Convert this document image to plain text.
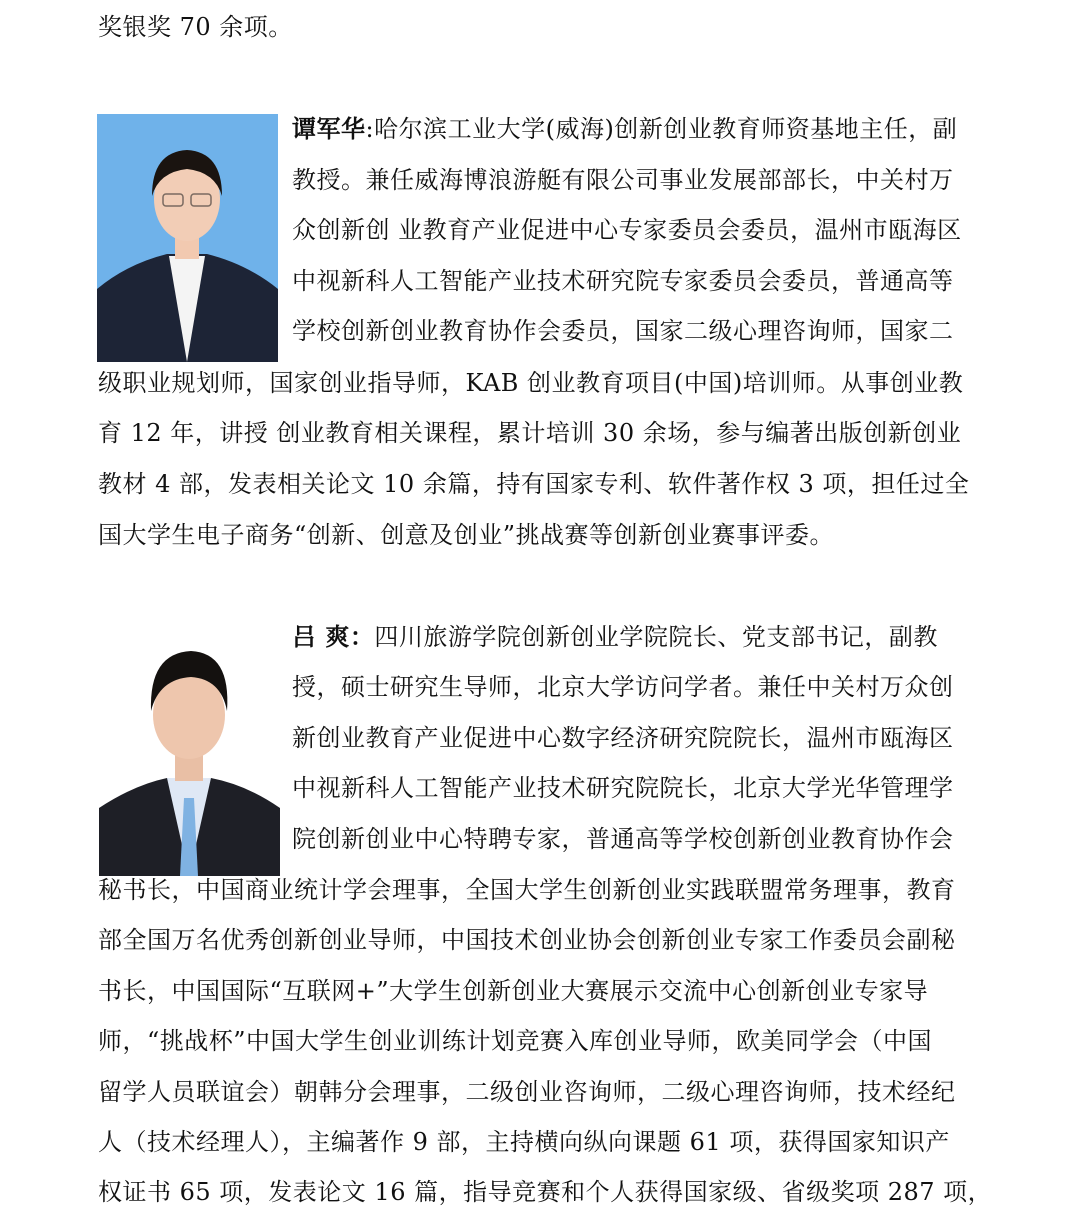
奖银奖 70 余项。
谭军华:哈尔滨工业大学(威海)创新创业教育师资基地主任，副
教授。兼任威海博浪游艇有限公司事业发展部部长，中关村万
众创新创 业教育产业促进中心专家委员会委员，温州市瓯海区
中视新科人工智能产业技术研究院专家委员会委员，普通高等
学校创新创业教育协作会委员，国家二级心理咨询师，国家二
级职业规划师，国家创业指导师，KAB 创业教育项目(中国)培训师。从事创业教
育 12 年，讲授 创业教育相关课程，累计培训 30 余场，参与编著出版创新创业
教材 4 部，发表相关论文 10 余篇，持有国家专利、软件著作权 3 项，担任过全
国大学生电子商务“创新、创意及创业”挑战赛等创新创业赛事评委。
吕 爽：四川旅游学院创新创业学院院长、党支部书记，副教
授，硕士研究生导师，北京大学访问学者。兼任中关村万众创
新创业教育产业促进中心数字经济研究院院长，温州市瓯海区
中视新科人工智能产业技术研究院院长，北京大学光华管理学
院创新创业中心特聘专家，普通高等学校创新创业教育协作会
秘书长，中国商业统计学会理事，全国大学生创新创业实践联盟常务理事，教育
部全国万名优秀创新创业导师，中国技术创业协会创新创业专家工作委员会副秘
书长，中国国际“互联网+”大学生创新创业大赛展示交流中心创新创业专家导
师，“挑战杯”中国大学生创业训练计划竞赛入库创业导师，欧美同学会（中国
留学人员联谊会）朝韩分会理事，二级创业咨询师，二级心理咨询师，技术经纪
人（技术经理人），主编著作 9 部，主持横向纵向课题 61 项，获得国家知识产
权证书 65 项，发表论文 16 篇，指导竞赛和个人获得国家级、省级奖项 287 项，
